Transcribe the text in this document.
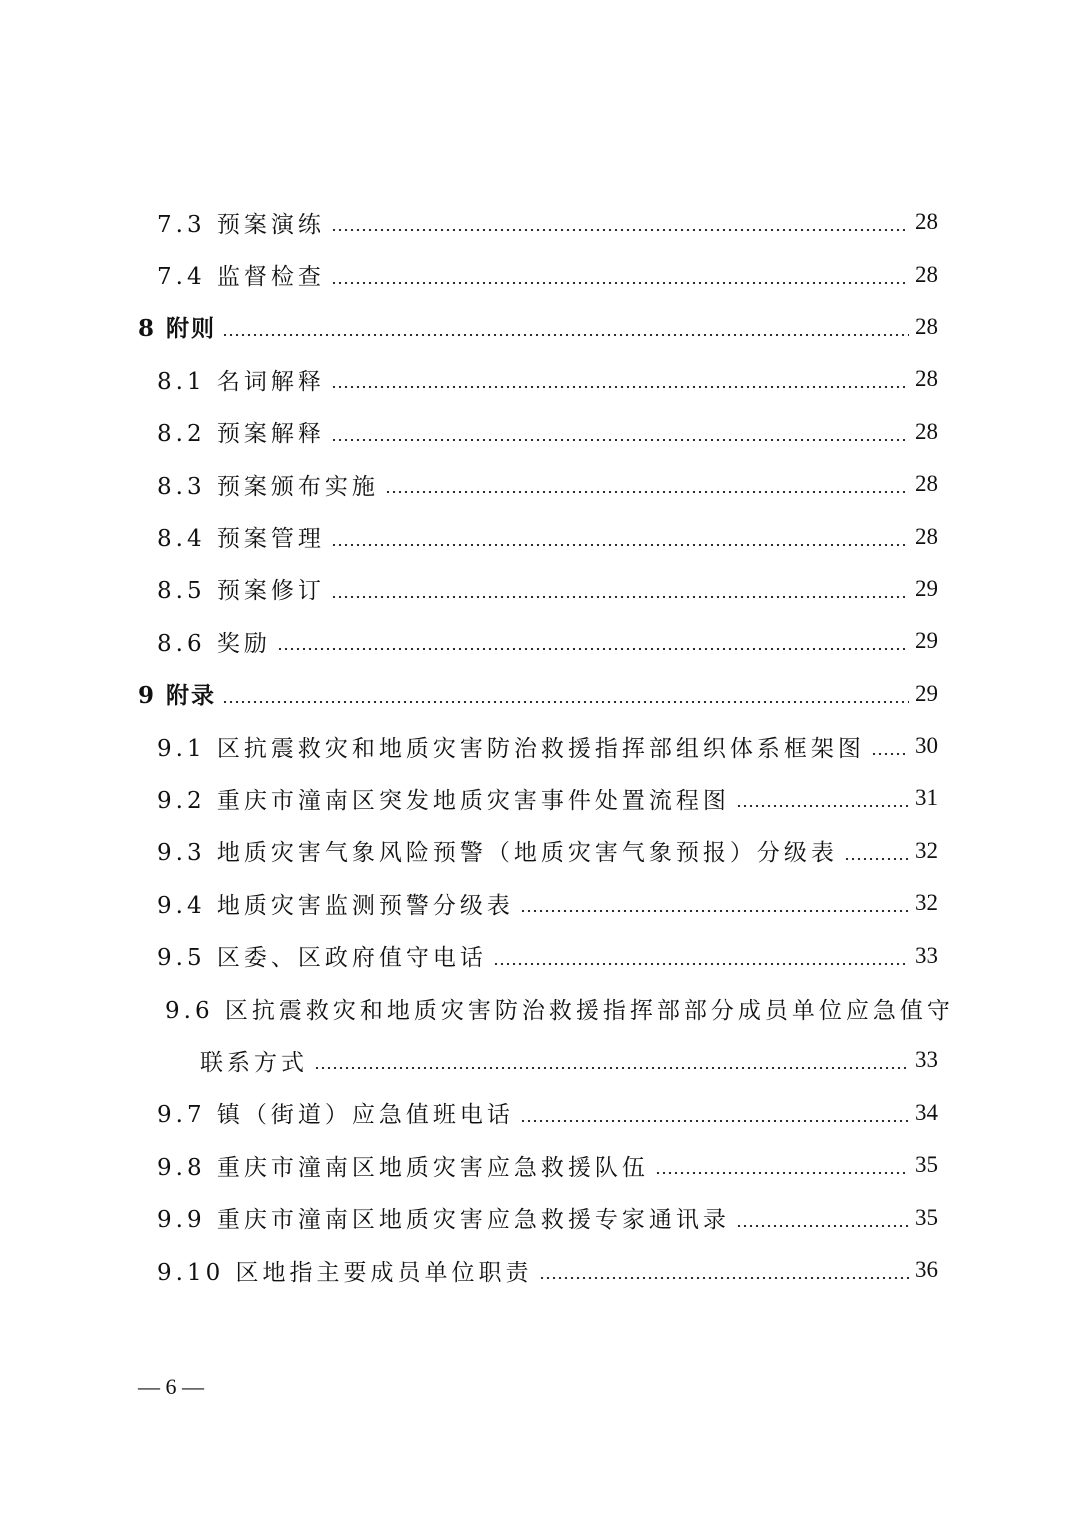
7.3 预案演练	28
7.4 监督检查	28
8 附则	28
8.1 名词解释	28
8.2 预案解释	28
8.3 预案颁布实施	28
8.4 预案管理	28
8.5 预案修订	29
8.6 奖励	29
9 附录	29
9.1 区抗震救灾和地质灾害防治救援指挥部组织体系框架图 30
9.2 重庆市潼南区突发地质灾害事件处置流程图	31
9.3 地质灾害气象风险预警（地质灾害气象预报）分级表	32
9.4 地质灾害监测预警分级表	32
9.5 区委、区政府值守电话	33
9.6 区抗震救灾和地质灾害防治救援指挥部部分成员单位应急值守
联系方式	33
9.7 镇（街道）应急值班电话	34
9.8 重庆市潼南区地质灾害应急救援队伍	35
9.9 重庆市潼南区地质灾害应急救援专家通讯录	35
9.10 区地指主要成员单位职责	36
— 6 —
